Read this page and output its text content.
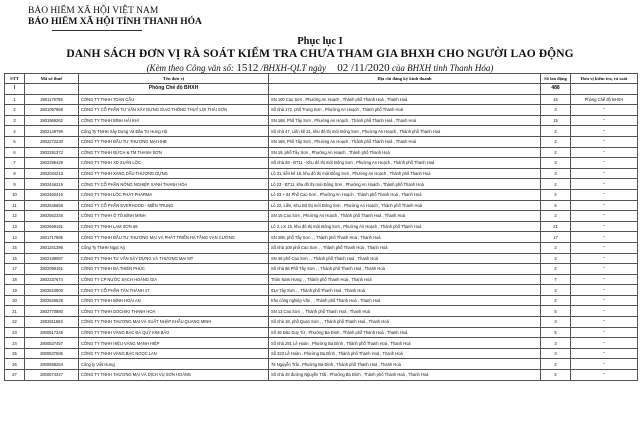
BẢO HIỂM XÃ HỘI VIỆT NAM
BẢO HIỂM XÃ HỘI TỈNH THANH HÓA
Phục lục I
DANH SÁCH ĐƠN VỊ RÀ SOÁT KIỂM TRA CHƯA THAM GIA BHXH CHO NGƯỜI LAO ĐỘNG
(Kèm theo Công văn số: 1512 /BHXH-QLT ngày 02 /11/2020 của BHXH tỉnh Thanh Hóa)
STT	Mã số thuế	Tên đơn vị	Địa chỉ đăng ký kinh doanh	Số lao động	Đơn vị kiểm tra, rà soát
I		Phòng Chế độ BHXH		488	
1	2801179795	CÔNG TY TNHH TOÀN CẦU	SN 100 Cao Sơn , Phường An Hoạch , Thành phố Thanh Hoá , Thanh Hoá	16	Phòng Chế độ BHXH
2	2801097968	CÔNG TY CỔ PHẦN TƯ VẤN XÂY DỰNG GIAO THÔNG THUỶ LỢI THÁI SƠN	Số nhà 172, phố Trung Sơn , Phường An Hoạch , Thành phố Thanh Hoá	3	"
3	2801969262	CÔNG TY TNHH BÌNH HẢI KHÍ	SN 168, Phố Tây Sơn , Phường An Hoạch , Thành phố Thanh Hoá , Thanh Hoá	15	"
4	2802149799	Công Ty TNHH Xây Dựng Và Đầu Tư Hưng Hà	Số nhà 47, Liền kề 21, khu đô thị mới Đông Sơn , Phường An Hoạch , Thành phố Thanh Hoá	2	"
5	2802272230	CÔNG TY TNHH ĐẦU TƯ THƯƠNG MẠI HHB	SN 168, Phố Tây Sơn , Phường An Hoạch , Thành phố Thanh Hoá , Thanh Hoá	2	"
6	2802291372	CÔNG TY TNHH ĐỨCH & TM THANH SƠN	SN 19, phố Tây Sơn , Phường An Hoạch , Thành phố Thanh Hoá	2	"
7	2802296429	CÔNG TY TNHH XD XUÂN LỘC	Số nhà 28 - BT11 - Khu đô thị mới Đông Sơn , Phường An Hoạch , Thành phố Thanh Hoá	3	"
8	2802034213	CÔNG TY TNHH XĂNG DẦU THƯƠNG DỰNG	Lô 31, liền kề 15, khu đô thị mới Đông Sơn , Phường An Hoạch , Thành phố Thanh Hoá	3	"
9	2802446219	CÔNG TY CỔ PHẦN NÔNG NGHIỆP XANH THANH HÓA	Lô 23 - BT11, khu đô thị mới Đông Sơn , Phường An Hoạch , Thành phố Thanh Hoá	2	"
10	2802460416	CÔNG TY TNHH LỘC PHÁT PHARMA	Lô 03 + 04 Phố Cao Sơn , Phường An Hoạch , Thành phố Thanh Hoá , Thanh Hoá	4	"
11	2802545658	CÔNG TY CỔ PHẦN EVERHOOD - MIỀN TRUNG	Lô 22, Liền, Khu Đô thị mới Đông Sơn , Phường An Hoạch , Thành phố Thanh Hoá	5	"
12	2802562348	CÔNG TY TNHH Ô TÔ BÌNH MINH	SN 15 Cao Sơn , Phường An Hoạch , Thành phố Thanh Hoá , Thanh Hoá	2	"
13	2802669191	CÔNG TY TNHH LAM SƠN 68	Lô 3, LK 15, khu đô thị mới Đông Sơn , Phường An Hoạch , Thành phố Thanh Hoá	21	"
14	2801717985	CÔNG TY TNHH ĐẦU TƯ THƯƠNG MẠI VÀ PHÁT TRIỂN HẠ TẦNG VẠN CƯỜNG	SN 208, phố Tây Sơn , , Thành phố Thanh Hoá , Thanh Hoá	17	"
15	2801341396	Công Ty TNHH Ngọc Kỳ	Số nhà 100 phố Cao Sơn , , Thành phố Thanh Hoá , Thanh Hoá	2	"
16	2802199087	CÔNG TY TNHH TƯ VẤN XÂY DỰNG VÀ THƯƠNG MẠI MT	SN 46 phố Cao Sơn , , Thành phố Thanh Hoá , Thanh Hoá	2	"
17	2802098151	CÔNG TY TNHH ĐÀ THIÊN PHÚC	Số nhà 86 Phố Tây Sơn , , Thành phố Thanh Hoá , Thanh Hoá	2	"
18	2802337674	CÔNG TY CP NƯỚC SẠCH HOÀNG GIA	Thôn Nam Hưng , , Thành phố Thanh Hoá , Thanh Hoá	7	"
19	2802624800	CÔNG TY CỔ PHẦN TÂN THÀNH 17	01A Tây Sơn , , Thành phố Thanh Hoá , Thanh Hoá	2	"
20	2802626525	CÔNG TY TNHH BÌNH HOÀI AN	Khu công nghiệp Vân , , Thành phố Thanh Hoá , Thanh Hoá	2	"
21	2802770880	CÔNG TY TNHH DOCHIKI THANH HOA	SN 13 Cao Sơn , , Thành phố Thanh Hoá , Thanh Hoá	5	"
22	2802811583	CÔNG TY TNHH THƯƠNG MẠI VÀ XUẤT NHẬP KHẨU QUANG MINH	Số nhà 18, phố Quan Sơn , , Thành phố Thanh Hoá , Thanh Hoá	3	"
23	2800517349	CÔNG TY TNHH VÀNG BẠC ĐÁ QUÝ KIM BẢO	Số 36 Đào Duy Từ , Phường Ba Đình , Thành phố Thanh Hoá , Thanh Hoá	5	"
24	2800537457	CÔNG TY TNHH HIỆU VÀNG MẠNH HIỆP	Số nhà 291 Lê Hoàn , Phường Ba Đình , Thành phố Thanh Hoá , Thanh Hoá	3	"
25	2800537586	CÔNG TY TNHH VÀNG BẠC NGỌC LAN	Số 323 Lê Hoàn , Phường Ba Đình , Thành phố Thanh Hoá , Thanh Hoá	3	"
26	2800588264	Công ty Việt Hưng	76 Nguyễn Trãi , Phường Ba Đình , Thành phố Thanh Hoá , Thanh Hoá	2	"
27	2800674347	CÔNG TY TNHH THƯƠNG MẠI VÀ DỊCH VỤ SƠN HOÀNG	Số nhà 48 đường Nguyễn Trãi , Phường Ba Đình , Thành phố Thanh Hoá , Thanh Hoá	2	"
